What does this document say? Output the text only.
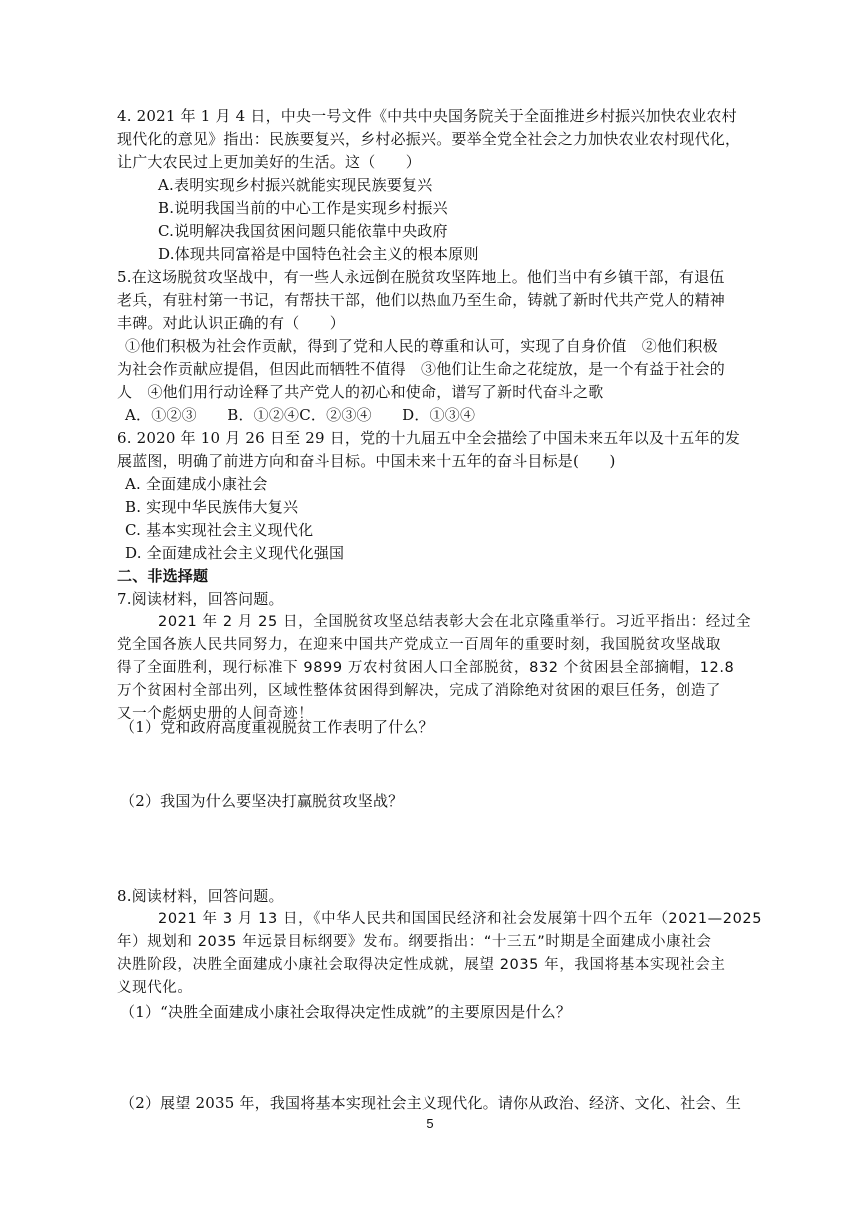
4. 2021 年 1 月 4 日，中央一号文件《中共中央国务院关于全面推进乡村振兴加快农业农村
现代化的意见》指出：民族要复兴，乡村必振兴。要举全党全社会之力加快农业农村现代化，
让广大农民过上更加美好的生活。这（　　）
A.表明实现乡村振兴就能实现民族要复兴
B.说明我国当前的中心工作是实现乡村振兴
C.说明解决我国贫困问题只能依靠中央政府
D.体现共同富裕是中国特色社会主义的根本原则
5.在这场脱贫攻坚战中，有一些人永远倒在脱贫攻坚阵地上。他们当中有乡镇干部，有退伍
老兵，有驻村第一书记，有帮扶干部，他们以热血乃至生命，铸就了新时代共产党人的精神
丰碑。对此认识正确的有（　　）
①他们积极为社会作贡献，得到了党和人民的尊重和认可，实现了自身价值　②他们积极
为社会作贡献应提倡，但因此而牺牲不值得　③他们让生命之花绽放，是一个有益于社会的
人　④他们用行动诠释了共产党人的初心和使命，谱写了新时代奋斗之歌
A．①②③　　B．①②④C．②③④　　D．①③④
6. 2020 年 10 月 26 日至 29 日，党的十九届五中全会描绘了中国未来五年以及十五年的发
展蓝图，明确了前进方向和奋斗目标。中国未来十五年的奋斗目标是(　　)
A. 全面建成小康社会
B. 实现中华民族伟大复兴
C. 基本实现社会主义现代化
D. 全面建成社会主义现代化强国
二、非选择题
7.阅读材料，回答问题。
2021 年 2 月 25 日，全国脱贫攻坚总结表彰大会在北京隆重举行。习近平指出：经过全
党全国各族人民共同努力，在迎来中国共产党成立一百周年的重要时刻，我国脱贫攻坚战取
得了全面胜利，现行标准下 9899 万农村贫困人口全部脱贫，832 个贫困县全部摘帽，12.8
万个贫困村全部出列，区域性整体贫困得到解决，完成了消除绝对贫困的艰巨任务，创造了
又一个彪炳史册的人间奇迹！
（1）党和政府高度重视脱贫工作表明了什么？
（2）我国为什么要坚决打赢脱贫攻坚战？
8.阅读材料，回答问题。
2021 年 3 月 13 日，《中华人民共和国国民经济和社会发展第十四个五年（2021—2025
年）规划和 2035 年远景目标纲要》发布。纲要指出：“十三五”时期是全面建成小康社会
决胜阶段，决胜全面建成小康社会取得决定性成就，展望 2035 年，我国将基本实现社会主
义现代化。
（1）“决胜全面建成小康社会取得决定性成就”的主要原因是什么？
（2）展望 2035 年，我国将基本实现社会主义现代化。请你从政治、经济、文化、社会、生
5
